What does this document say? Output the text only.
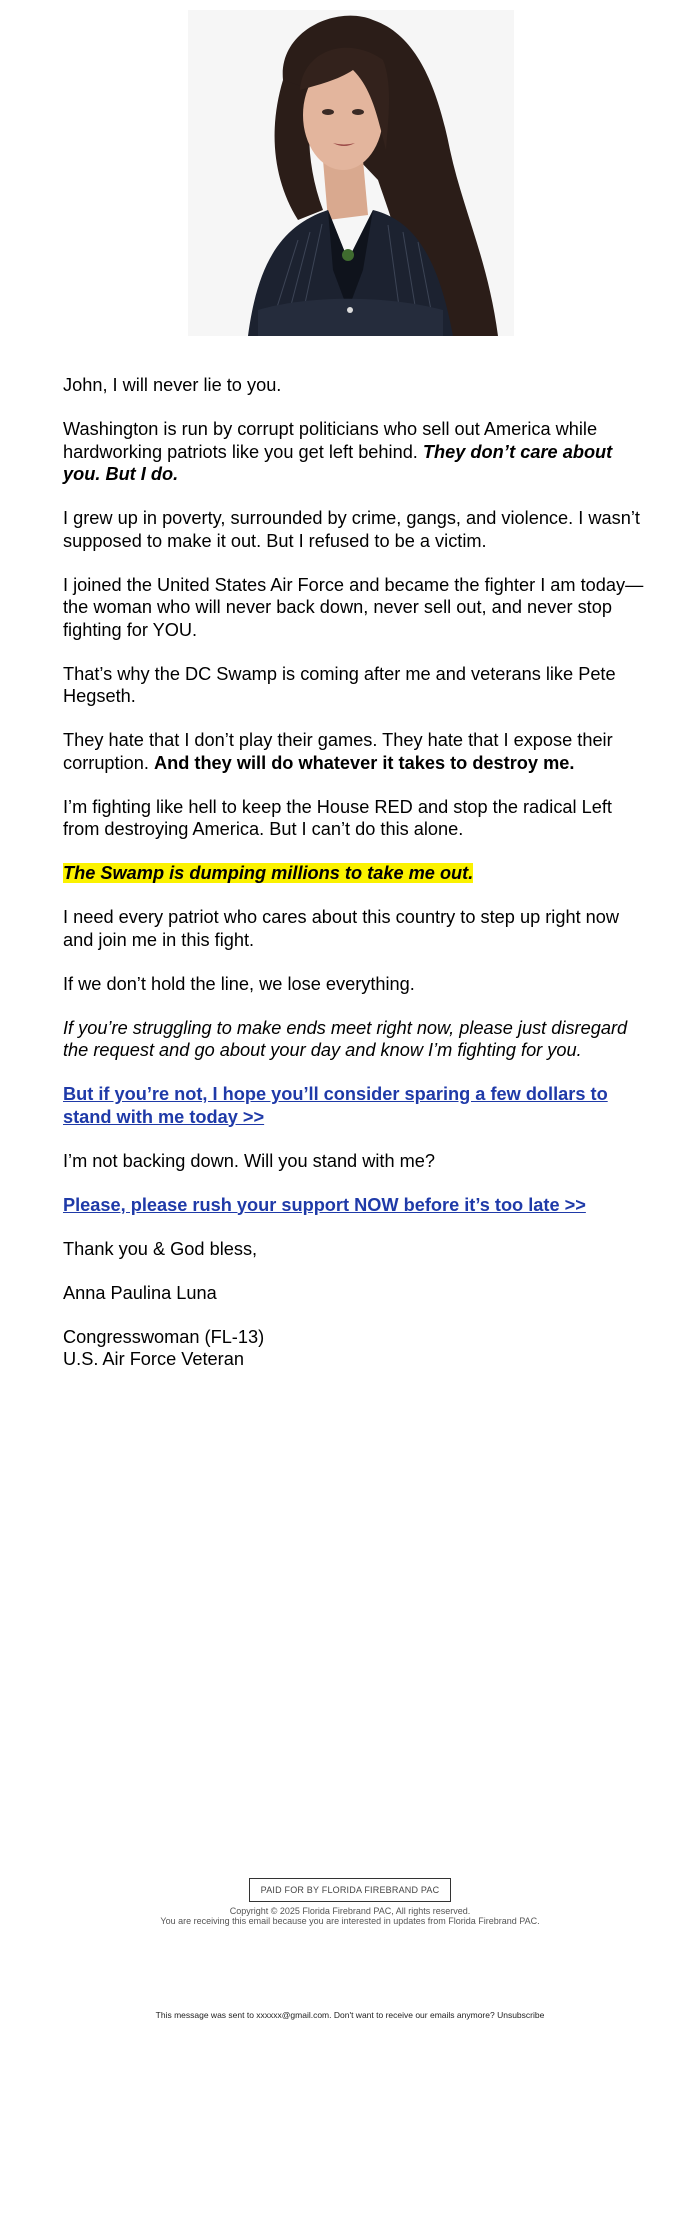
John, I will never lie to you.

Washington is run by corrupt politicians who sell out America while hardworking patriots like you get left behind. They don’t care about you. But I do.

I grew up in poverty, surrounded by crime, gangs, and violence. I wasn’t supposed to make it out. But I refused to be a victim.

I joined the United States Air Force and became the fighter I am today—the woman who will never back down, never sell out, and never stop fighting for YOU.

That’s why the DC Swamp is coming after me and veterans like Pete Hegseth.

They hate that I don’t play their games. They hate that I expose their corruption. And they will do whatever it takes to destroy me.

I’m fighting like hell to keep the House RED and stop the radical Left from destroying America. But I can’t do this alone.

The Swamp is dumping millions to take me out.

I need every patriot who cares about this country to step up right now and join me in this fight.

If we don’t hold the line, we lose everything.

If you’re struggling to make ends meet right now, please just disregard the request and go about your day and know I’m fighting for you.

But if you’re not, I hope you’ll consider sparing a few dollars to stand with me today >>

I’m not backing down. Will you stand with me?

Please, please rush your support NOW before it’s too late >>

Thank you & God bless,

Anna Paulina Luna

Congresswoman (FL-13)

U.S. Air Force Veteran

PAID FOR BY FLORIDA FIREBRAND PAC
Copyright © 2025 Florida Firebrand PAC, All rights reserved.
You are receiving this email because you are interested in updates from Florida Firebrand PAC.
This message was sent to xxxxxx@gmail.com. Don't want to receive our emails anymore? Unsubscribe
